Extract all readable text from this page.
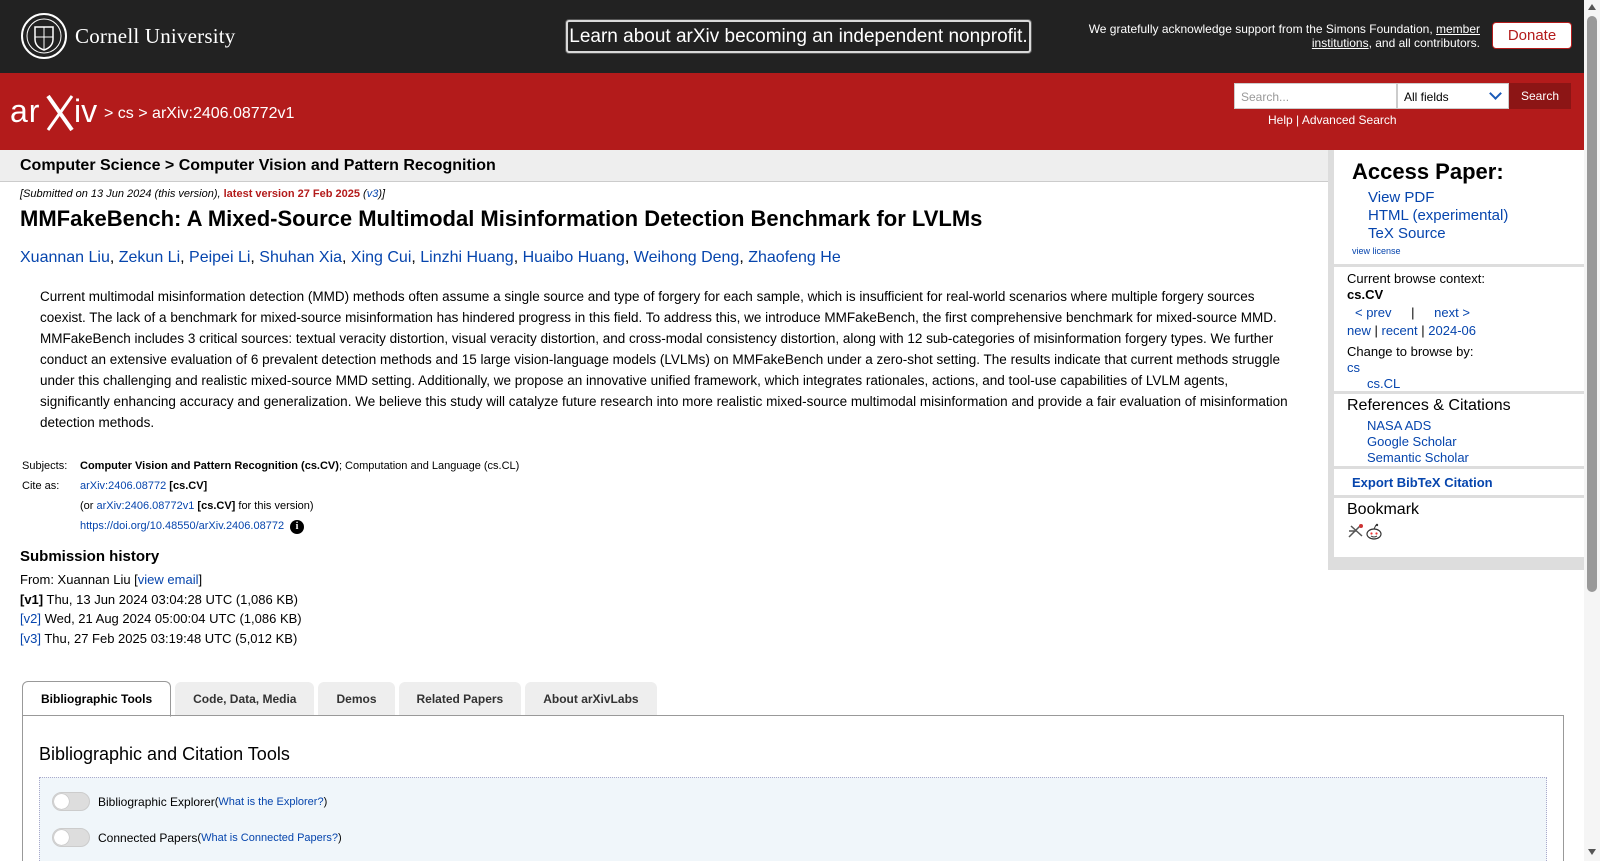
Cornell University	Learn about arXiv becoming an independent nonprofit.	We gratefully acknowledge support from the Simons Foundation, member
institutions, and all contributors.	Donate
ar iv > cs > arXiv:2406.08772v1
Search...	All fields	Search
Help | Advanced Search
Computer Science > Computer Vision and Pattern Recognition
[Submitted on 13 Jun 2024 (this version), latest version 27 Feb 2025 (v3)]
MMFakeBench: A Mixed-Source Multimodal Misinformation Detection Benchmark for LVLMs
Xuannan Liu, Zekun Li, Peipei Li, Shuhan Xia, Xing Cui, Linzhi Huang, Huaibo Huang, Weihong Deng, Zhaofeng He

Current multimodal misinformation detection (MMD) methods often assume a single source and type of forgery for each sample, which is insufficient for real-world scenarios where multiple forgery sources coexist. The lack of a benchmark for mixed-source misinformation has hindered progress in this field. To address this, we introduce MMFakeBench, the first comprehensive benchmark for mixed-source MMD. MMFakeBench includes 3 critical sources: textual veracity distortion, visual veracity distortion, and cross-modal consistency distortion, along with 12 sub-categories of misinformation forgery types. We further conduct an extensive evaluation of 6 prevalent detection methods and 15 large vision-language models (LVLMs) on MMFakeBench under a zero-shot setting. The results indicate that current methods struggle under this challenging and realistic mixed-source MMD setting. Additionally, we propose an innovative unified framework, which integrates rationales, actions, and tool-use capabilities of LVLM agents, significantly enhancing accuracy and generalization. We believe this study will catalyze future research into more realistic mixed-source multimodal misinformation and provide a fair evaluation of misinformation detection methods.

Subjects:	Computer Vision and Pattern Recognition (cs.CV); Computation and Language (cs.CL)
Cite as:	arXiv:2406.08772 [cs.CV]
	(or arXiv:2406.08772v1 [cs.CV] for this version)
	https://doi.org/10.48550/arXiv.2406.08772 i
Submission history
From: Xuannan Liu [view email]
[v1] Thu, 13 Jun 2024 03:04:28 UTC (1,086 KB)
[v2] Wed, 21 Aug 2024 05:00:04 UTC (1,086 KB)
[v3] Thu, 27 Feb 2025 03:19:48 UTC (5,012 KB)
Bibliographic Tools	Code, Data, Media	Demos	Related Papers	About arXivLabs
Bibliographic and Citation Tools
Bibliographic Explorer ( What is the Explorer? )
Connected Papers ( What is Connected Papers? )
Access Paper:
View PDF
HTML (experimental)
TeX Source
view license
Current browse context:
cs.CV
< prev | next >
new | recent | 2024-06
Change to browse by:
cs
cs.CL
References & Citations
NASA ADS
Google Scholar
Semantic Scholar
Export BibTeX Citation
Bookmark
